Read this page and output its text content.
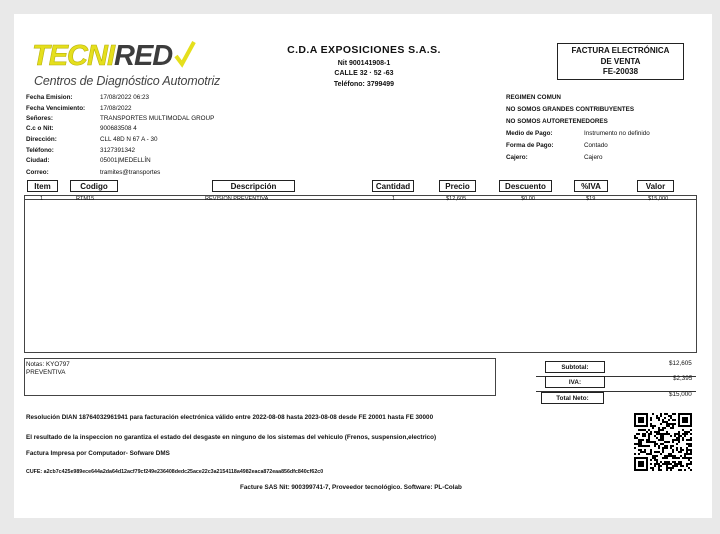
TECNIRED
Centros de Diagnóstico Automotriz
C.D.A EXPOSICIONES S.A.S.
Nit 900141908-1
CALLE 32 · 52 -63
Teléfono: 3799499
FACTURA ELECTRÓNICA
DE VENTA
FE-20038
Fecha Emision:	17/08/2022 06:23
Fecha Vencimiento: 17/08/2022
Señores:	TRANSPORTES MULTIMODAL GROUP
C.c o Nit:	900683508 4
Dirección:	CLL 48D N 67 A - 30
Teléfono:	3127391342
Ciudad:	05001|MEDELLÍN
Correo:	tramites@transportes
REGIMEN COMUN
NO SOMOS GRANDES CONTRIBUYENTES
NO SOMOS AUTORETENEDORES
Medio de Pago:	Instrumento no definido
Forma de Pago:	Contado
Cajero:	Cajero
Item	Codigo	Descripción	Cantidad	Precio	Descuento	%IVA	Valor
1	RTM15	REVISION PREVENTIVA	1	$12,605	$0.00	$19	$15,000
Notas: KYO797
PREVENTIVA
Subtotal:
$12,605
IVA:
$2,395
Total Neto:
$15,000
Resolución DIAN 18764032961941 para facturación electrónica válido entre 2022-08-08 hasta 2023-08-08 desde FE 20001 hasta FE 30000
El resultado de la inspeccion no garantiza el estado del desgaste en ninguno de los sistemas del vehiculo (Frenos, suspension,electrico)
Factura Impresa por Computador- Sofware DMS
CUFE: a2cb7c425e989ece644a2da64d12acf79cf249e236408dedc25ace22c3a2154118a4982eaca872eaa856dfc840cf62c0
Facture SAS Nit: 900399741-7, Proveedor tecnológico. Software: PL-Colab
